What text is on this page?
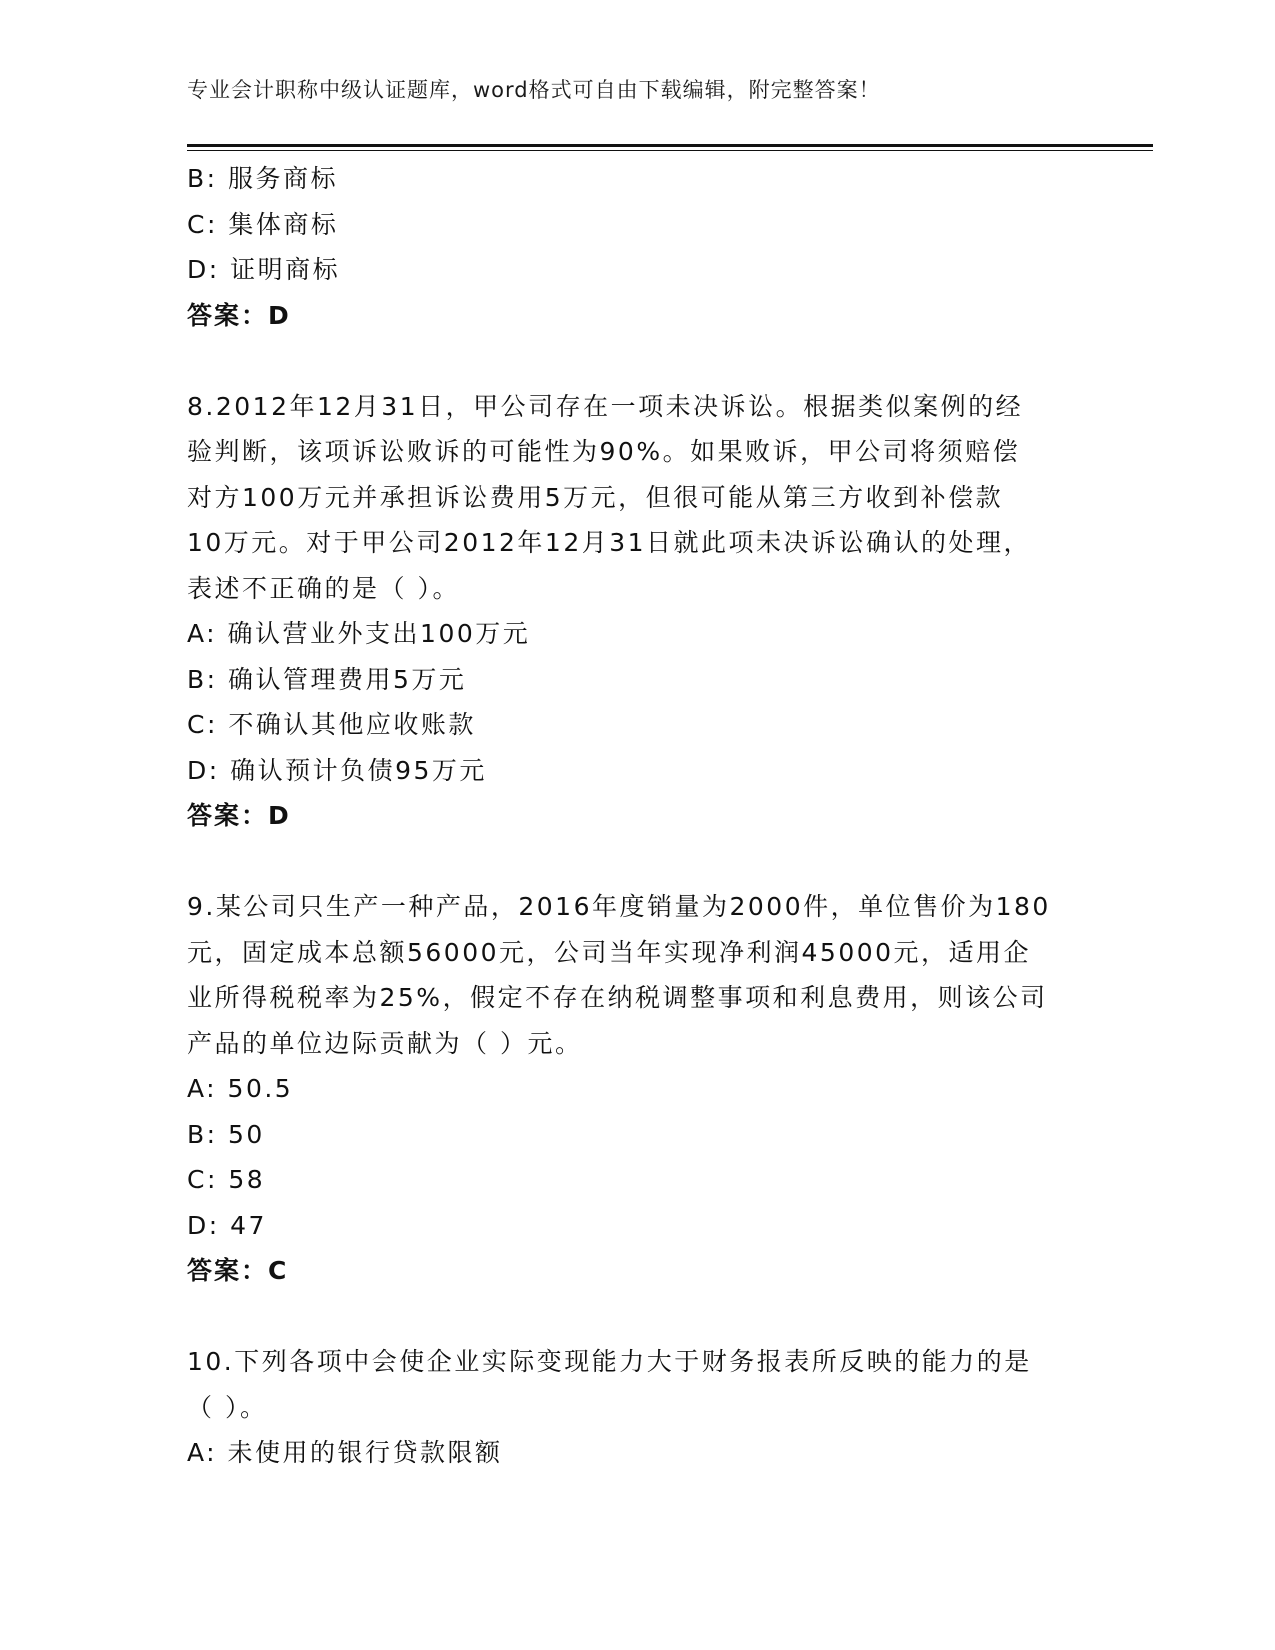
专业会计职称中级认证题库，word格式可自由下载编辑，附完整答案！
B: 服务商标
C: 集体商标
D: 证明商标
答案：D
8.2012年12月31日，甲公司存在一项未决诉讼。根据类似案例的经
验判断，该项诉讼败诉的可能性为90%。如果败诉，甲公司将须赔偿
对方100万元并承担诉讼费用5万元，但很可能从第三方收到补偿款
10万元。对于甲公司2012年12月31日就此项未决诉讼确认的处理，
表述不正确的是（ ）。
A: 确认营业外支出100万元
B: 确认管理费用5万元
C: 不确认其他应收账款
D: 确认预计负债95万元
答案：D
9.某公司只生产一种产品，2016年度销量为2000件，单位售价为180
元，固定成本总额56000元，公司当年实现净利润45000元，适用企
业所得税税率为25%，假定不存在纳税调整事项和利息费用，则该公司
产品的单位边际贡献为（ ）元。
A: 50.5
B: 50
C: 58
D: 47
答案：C
10.下列各项中会使企业实际变现能力大于财务报表所反映的能力的是
（ ）。
A: 未使用的银行贷款限额
